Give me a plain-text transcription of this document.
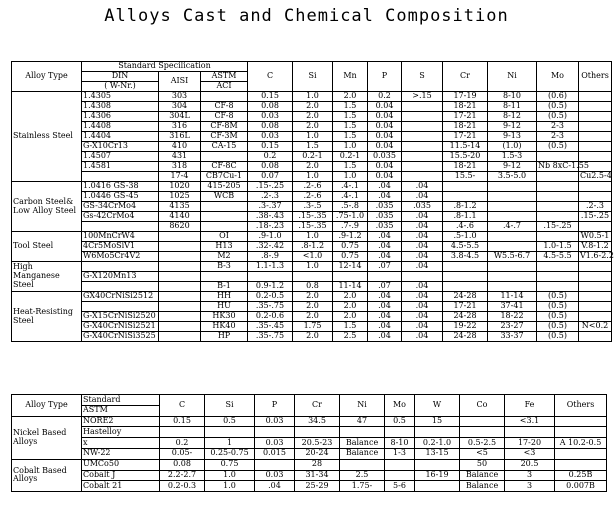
Alloys Cast and Chemical Composition
Alloy Type	Standard Specilication			C	Si	Mn	P	S	Cr	Ni	Mo	Others
	DIN	AISI	ASTM									
	( W-Nr.)											
			ACI									
Stainless Steel	1.4305	303		0.15	1.0	2.0	0.2	>.15	17-19	8-10	(0.6)	
	1.4308	304	CF-8	0.08	2.0	1.5	0.04		18-21	8-11	(0.5)	
	1.4306	304L	CF-8	0.03	2.0	1.5	0.04		17-21	8-12	(0.5)	
	1.4408	316	CF-8M	0.08	2.0	1.5	0.04		18-21	9-12	2-3	
	1.4404	316L	CF-3M	0.03	1.0	1.5	0.04		17-21	9-13	2-3	
	G-X10Cr13	410	CA-15	0.15	1.5	1.0	0.04		11.5-14	(1.0)	(0.5)	
	1.4507	431		0.2	0.2-1	0.2-1	0.035		15.5-20	1.5-3		
	1.4581	318	CF-8C	0.08	2.0	1.5	0.04		18-21	9-12	Nb 8xC-1.55	
		17-4	CB7Cu-1	0.07	1.0	1.0	0.04		15.5-	3.5-5.0		Cu2.5-4
Carbon Steel& Low Alloy Steel	1.0416 GS-38	1020	415-205	.15-.25	.2-.6	.4-.1	.04	.04				
	1.0446 GS-45	1025	WCB	.2-.3	.2-.6	.4-.1	.04	.04				
	GS-34CrMo4	4135		.3-.37	.3-.5	.5-.8	.035	.035	.8-1.2			.2-.3
	Gs-42CrMo4	4140		.38-.43	.15-.35	.75-1.0	.035	.04	.8-1.1			.15-.25
		8620		.18-.23	.15-.35	.7-.9	.035	.04	.4-.6	.4-.7	.15-.25	
Tool Steel	100MnCrW4		OI	.9-1.0	1.0	.9-1.2	.04	.04	.5-1.0			W0.5-1
	4Cr5MoSiV1		H13	.32-.42	.8-1.2	0.75	.04	.04	4.5-5.5		1.0-1.5	V.8-1.2
	W6Mo5Cr4V2		M2	.8-.9	<1.0	0.75	.04	.04	3.8-4.5	W5.5-6.7	4.5-5.5	V1.6-2.2
High Manganese Steel			B-3	1.1-1.3	1.0	12-14	.07	.04				
	G-X120Mn13											
			B-1	0.9-1.2	0.8	11-14	.07	.04				
Heat-Resisting Steel	GX40CrNiSi2512		HH	0.2-0.5	2.0	2.0	.04	.04	24-28	11-14	(0.5)	
			HU	.35-.75	2.0	2.0	.04	.04	17-21	37-41	(0.5)	
	G-X15CrNiSi2520		HK30	0.2-0.6	2.0	2.0	.04	.04	24-28	18-22	(0.5)	
	G-X40CrNiSi2521		HK40	.35-.45	1.75	1.5	.04	.04	19-22	23-27	(0.5)	N<0.2
	G-X40CrNiSi3525		HP	.35-.75	2.0	2.5	.04	.04	24-28	33-37	(0.5)	
Alloy Type	Standard	C	Si	P	Cr	Ni	Mo	W	Co	Fe	Others
	ASTM										
Nickel Based Alloys	NORE2	0.15	0.5	0.03	34.5	47	0.5	15		<3.1	
	Hastelloy										
	x	0.2	1	0.03	20.5-23	Balance	8-10	0.2-1.0	0.5-2.5	17-20	A 10.2-0.5
	NW-22	0.05-	0.25-0.75	0.015	20-24	Balance	1-3	13-15	<5	<3	
Cobalt Based Alloys	UMCo50	0.08	0.75		28				50	20.5	
	Cobalt J	2.2-2.7	1.0	0.03	31-34	2.5		16-19	Balance	3	0.25B
	Cobalt 21	0.2-0.3	1.0	.04	25-29	1.75-	5-6		Balance	3	0.007B
